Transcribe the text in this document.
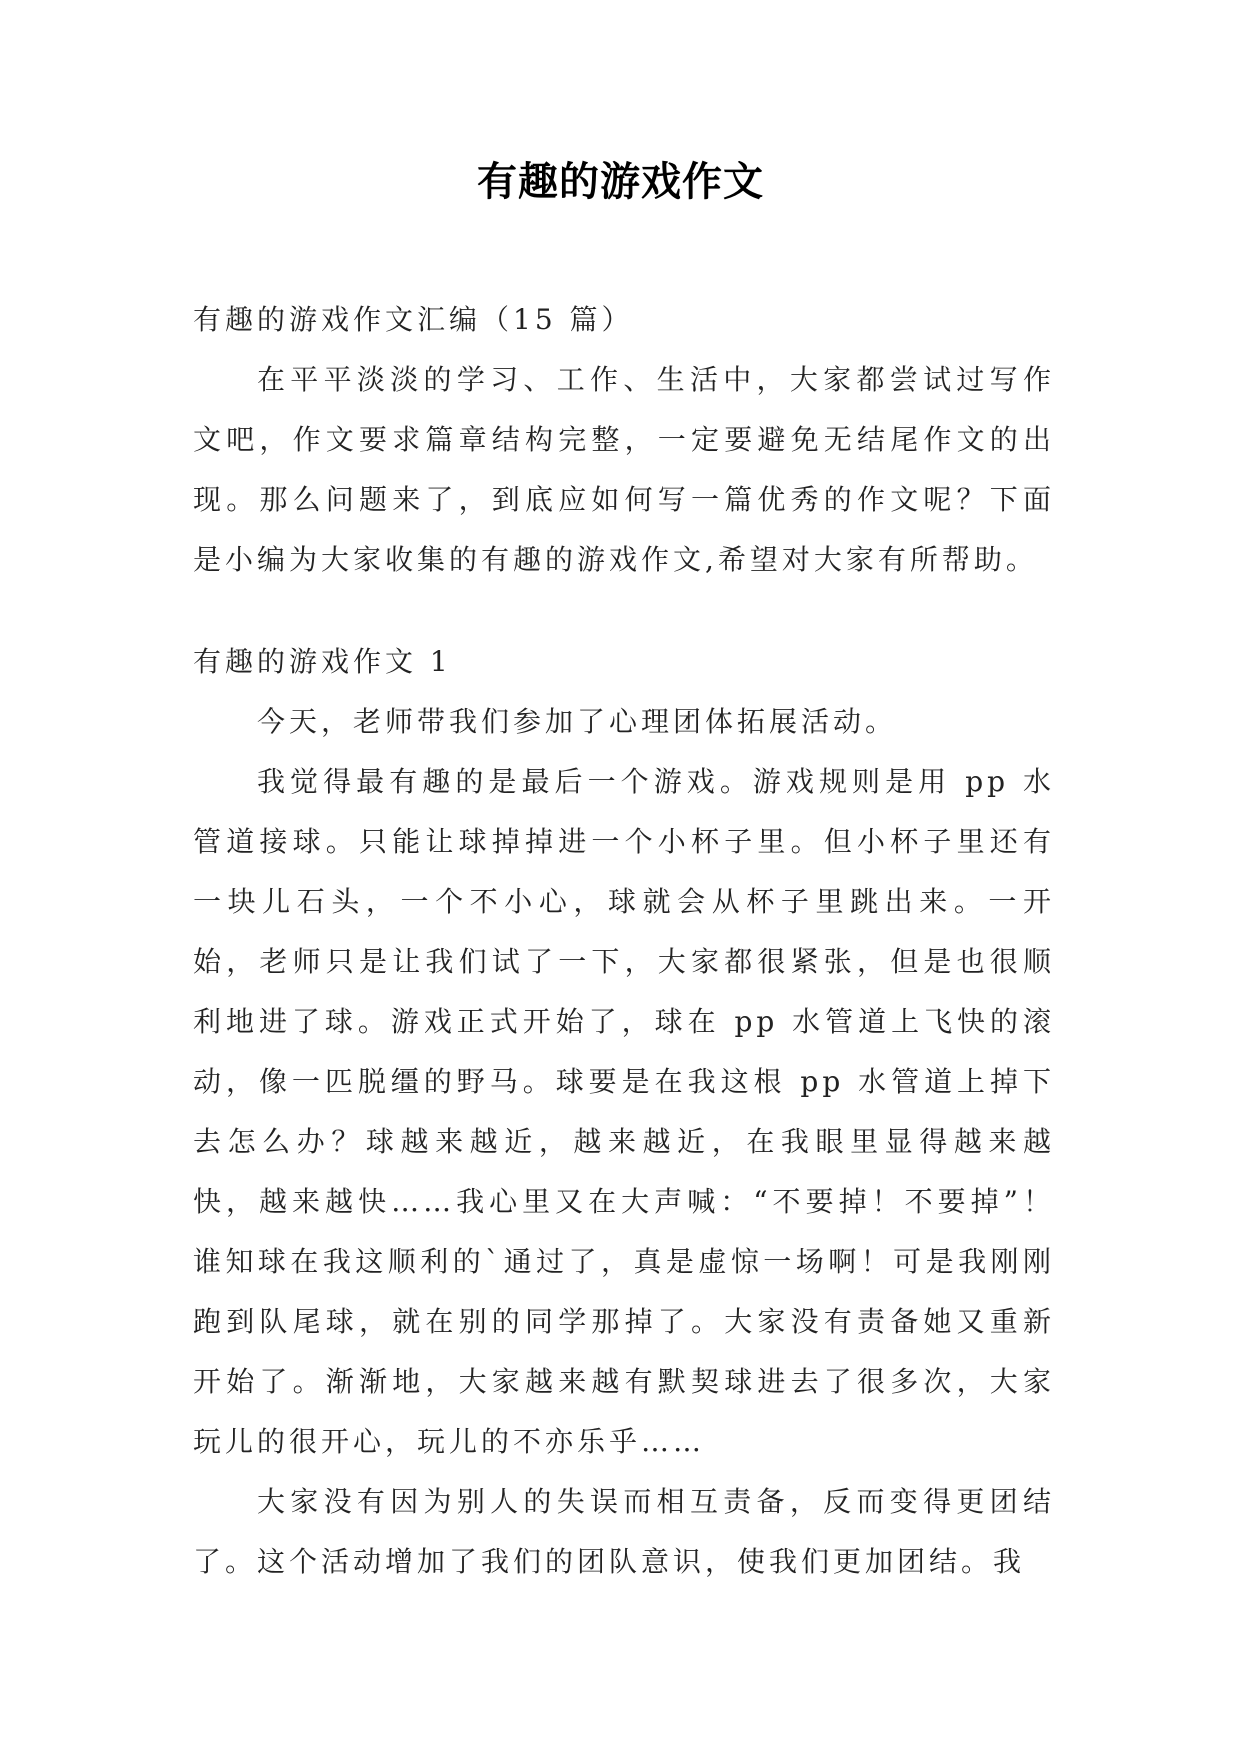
有趣的游戏作文
有趣的游戏作文汇编（15 篇）

在平平淡淡的学习、工作、生活中，大家都尝试过写作文吧，作文要求篇章结构完整，一定要避免无结尾作文的出现。那么问题来了，到底应如何写一篇优秀的作文呢？下面是小编为大家收集的有趣的游戏作文,希望对大家有所帮助。

有趣的游戏作文 1

今天，老师带我们参加了心理团体拓展活动。

我觉得最有趣的是最后一个游戏。游戏规则是用 pp 水管道接球。只能让球掉掉进一个小杯子里。但小杯子里还有一块儿石头，一个不小心，球就会从杯子里跳出来。一开始，老师只是让我们试了一下，大家都很紧张，但是也很顺利地进了球。游戏正式开始了，球在 pp 水管道上飞快的滚动，像一匹脱缰的野马。球要是在我这根 pp 水管道上掉下去怎么办？球越来越近，越来越近，在我眼里显得越来越快，越来越快……我心里又在大声喊：“不要掉！不要掉”！谁知球在我这顺利的`通过了，真是虚惊一场啊！可是我刚刚跑到队尾球，就在别的同学那掉了。大家没有责备她又重新开始了。渐渐地，大家越来越有默契球进去了很多次，大家玩儿的很开心，玩儿的不亦乐乎……

大家没有因为别人的失误而相互责备，反而变得更团结了。这个活动增加了我们的团队意识，使我们更加团结。我
